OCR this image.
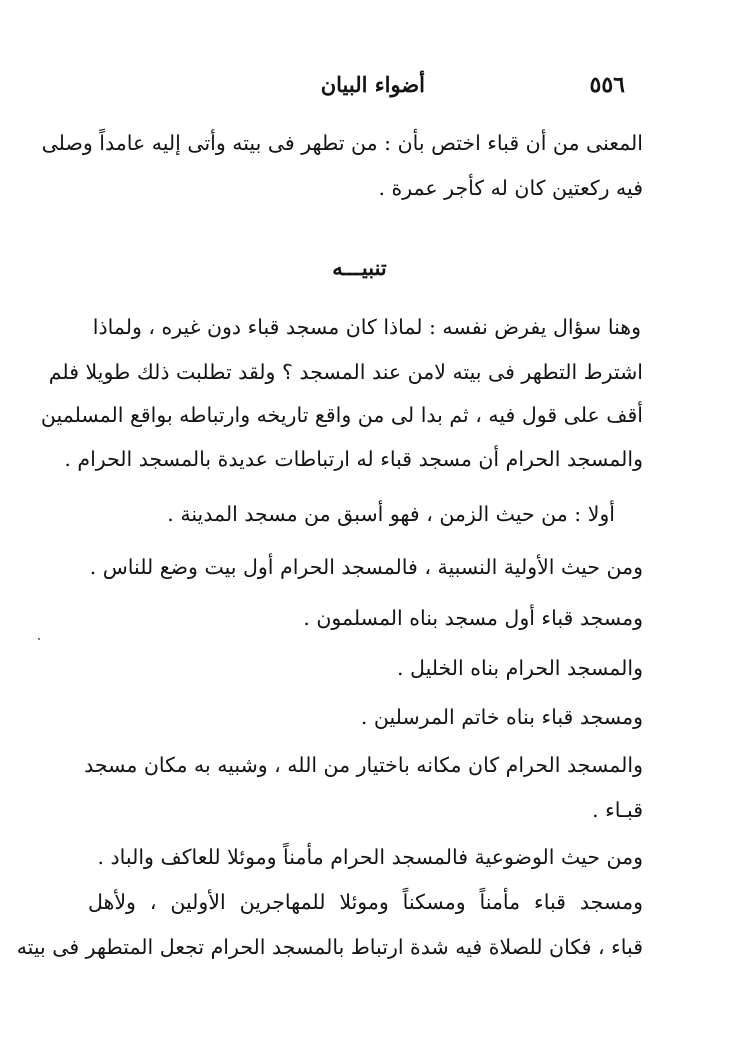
٥٥٦
أضواء البيان
المعنى من أن قباء اختص بأن : من تطهر فى بيته وأتى إليه عامداً وصلى
فيه ركعتين كان له كأجر عمرة .
تنبيـــه
وهنا سؤال يفرض نفسه : لماذا كان مسجد قباء دون غيره ، ولماذا
اشترط التطهر فى بيته لامن عند المسجد ؟ ولقد تطلبت ذلك طويلا فلم
أقف على قول فيه ، ثم بدا لى من واقع تاريخه وارتباطه بواقع المسلمين
والمسجد الحرام أن مسجد قباء له ارتباطات عديدة بالمسجد الحرام .
أولا : من حيث الزمن ، فهو أسبق من مسجد المدينة .
ومن حيث الأولية النسبية ، فالمسجد الحرام أول بيت وضع للناس .
ومسجد قباء أول مسجد بناه المسلمون .
والمسجد الحرام بناه الخليل .
ومسجد قباء بناه خاتم المرسلين .
والمسجد الحرام كان مكانه باختيار من الله ، وشبيه به مكان مسجد
قبـاء .
ومن حيث الوضوعية فالمسجد الحرام مأمناً وموئلا للعاكف والباد .
ومسجد قباء مأمناً ومسكناً وموئلا للمهاجرين الأولين ، ولأهل
قباء ، فكان للصلاة فيه شدة ارتباط بالمسجد الحرام تجعل المتطهر فى بيته
